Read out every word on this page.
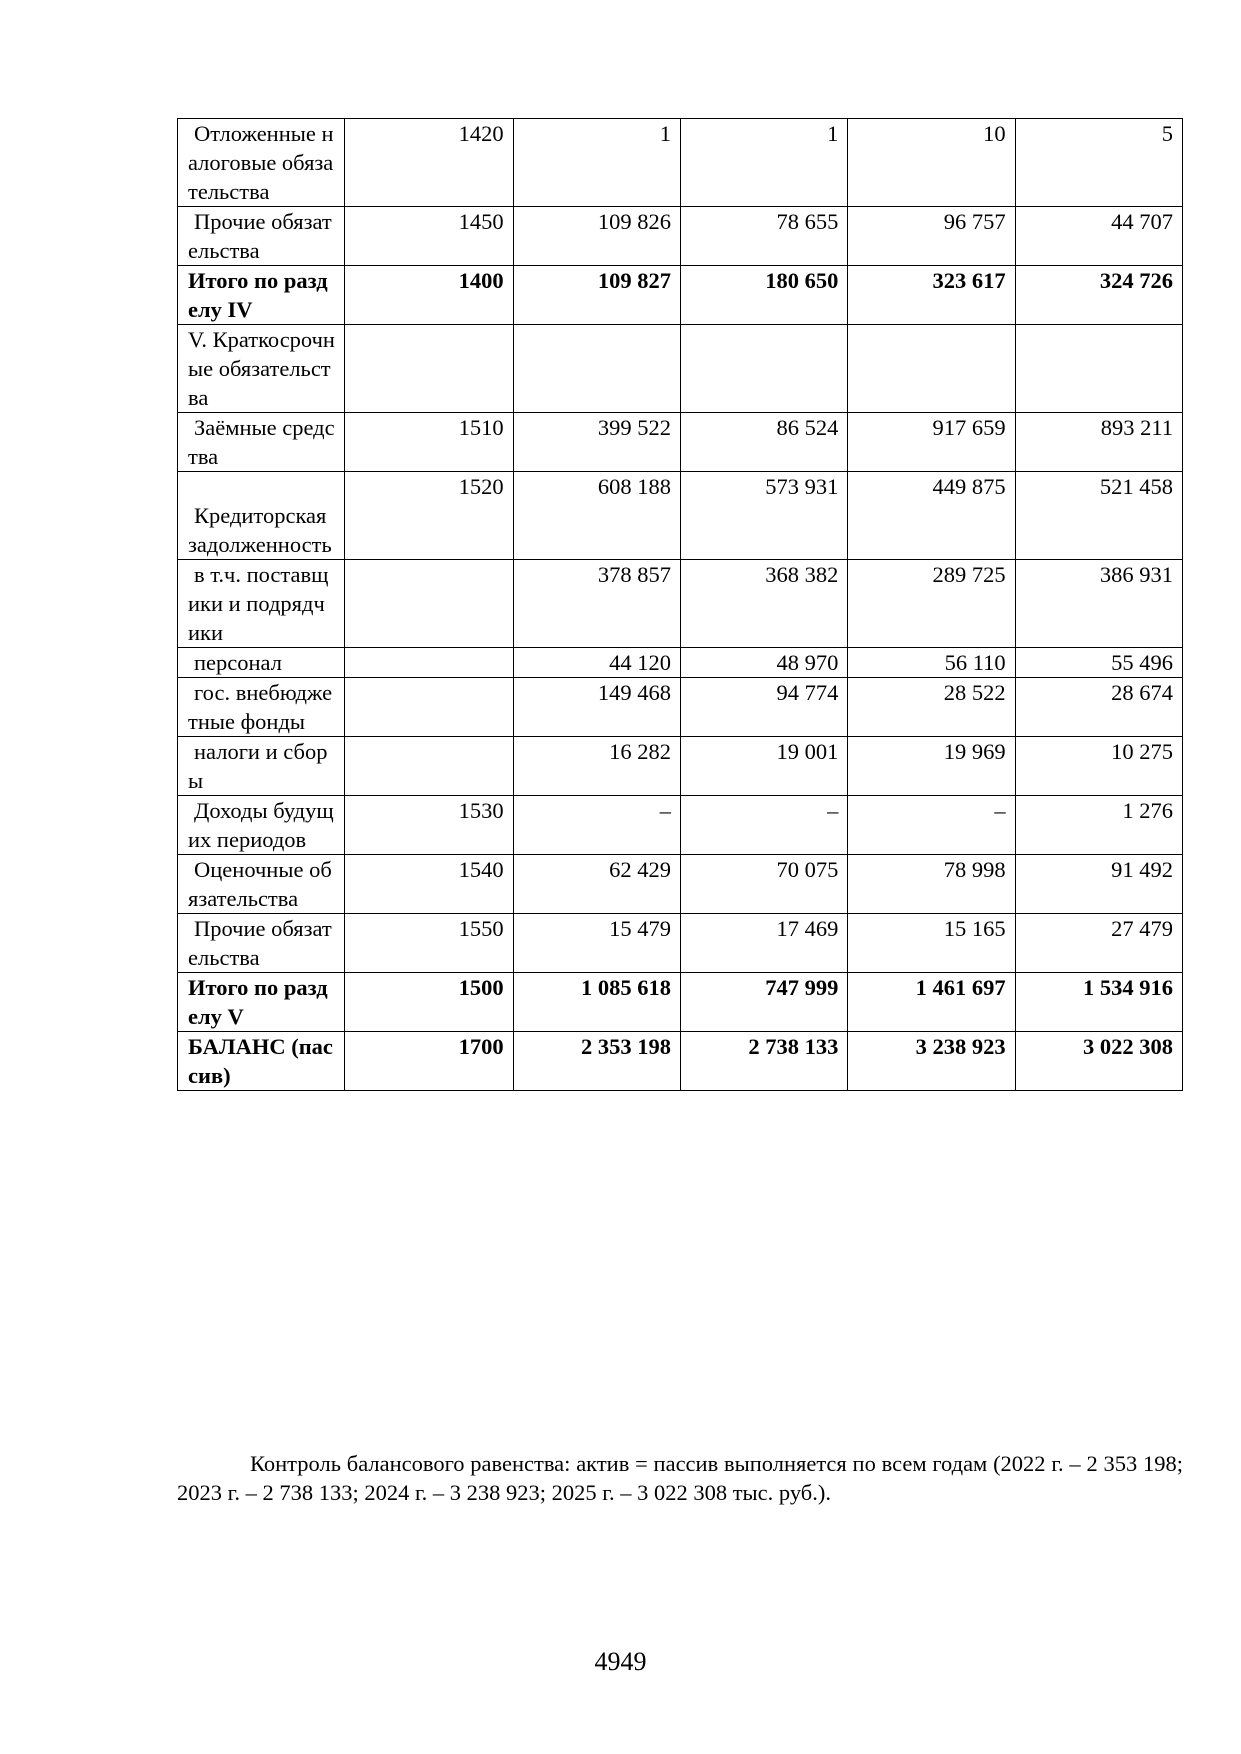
Отложенные налоговые обязательства	1420	1	1	10	5
Прочие обязательства	1450	109 826	78 655	96 757	44 707
Итого по разделу IV	1400	109 827	180 650	323 617	324 726
V. Краткосрочные обязательства					
Заёмные средства	1510	399 522	86 524	917 659	893 211

Кредиторская задолженность	1520	608 188	573 931	449 875	521 458
в т.ч. поставщики и подрядчики		378 857	368 382	289 725	386 931
персонал		44 120	48 970	56 110	55 496
гос. внебюджетные фонды		149 468	94 774	28 522	28 674
налоги и сборы		16 282	19 001	19 969	10 275
Доходы будущих периодов	1530	–	–	–	1 276
Оценочные обязательства	1540	62 429	70 075	78 998	91 492
Прочие обязательства	1550	15 479	17 469	15 165	27 479
Итого по разделу V	1500	1 085 618	747 999	1 461 697	1 534 916
БАЛАНС (пассив)	1700	2 353 198	2 738 133	3 238 923	3 022 308

Контроль балансового равенства: актив = пассив выполняется по всем годам (2022 г. – 2 353 198; 2023 г. – 2 738 133; 2024 г. – 3 238 923; 2025 г. – 3 022 308 тыс. руб.).

4949
